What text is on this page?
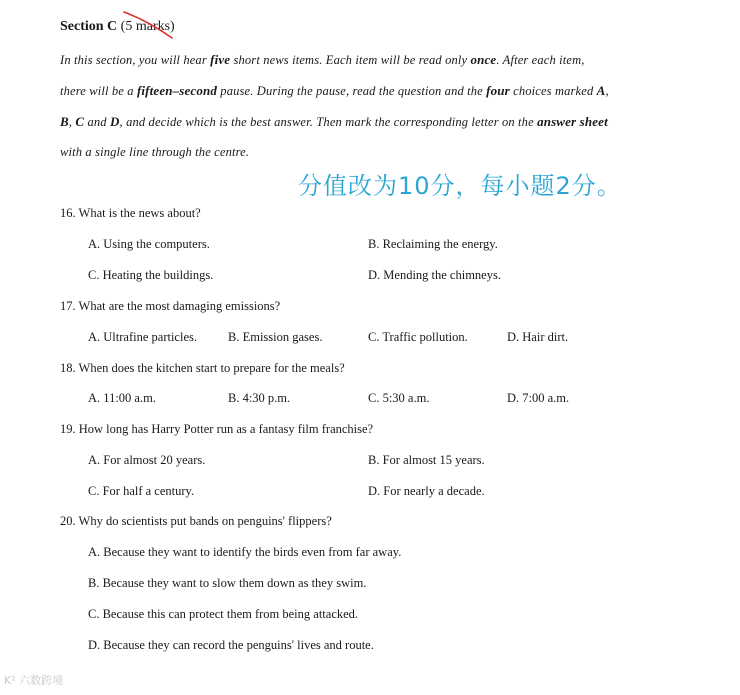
Section C (5 marks)
In this section, you will hear five short news items. Each item will be read only once. After each item,
there will be a fifteen–second pause. During the pause, read the question and the four choices marked A,
B, C and D, and decide which is the best answer. Then mark the corresponding letter on the answer sheet
with a single line through the centre.
分值改为10分，每小题2分。
16. What is the news about?
A. Using the computers.	B. Reclaiming the energy.
C. Heating the buildings.	D. Mending the chimneys.
17. What are the most damaging emissions?
A. Ultrafine particles. B. Emission gases.	C. Traffic pollution.	D. Hair dirt.
18. When does the kitchen start to prepare for the meals?
A. 11:00 a.m.	B. 4:30 p.m.	C. 5:30 a.m.	D. 7:00 a.m.
19. How long has Harry Potter run as a fantasy film franchise?
A. For almost 20 years.	B. For almost 15 years.
C. For half a century.	D. For nearly a decade.
20. Why do scientists put bands on penguins' flippers?
A. Because they want to identify the birds even from far away.
B. Because they want to slow them down as they swim.
C. Because this can protect them from being attacked.
D. Because they can record the penguins' lives and route.
K² 六数跨境
